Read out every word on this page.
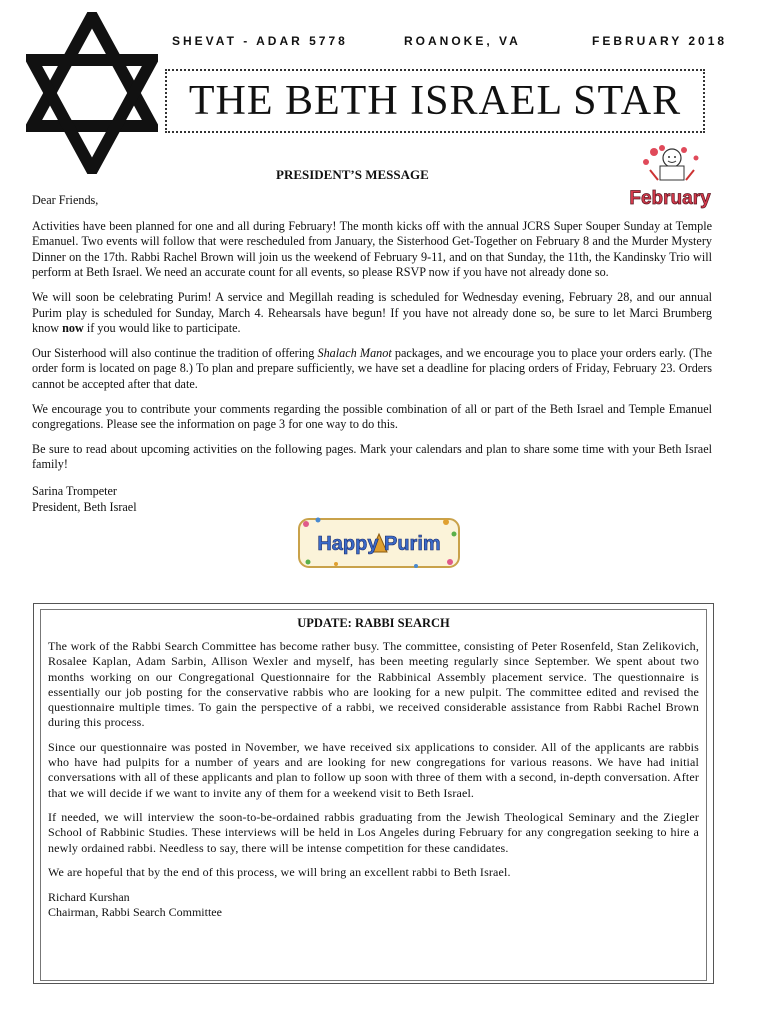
SHEVAT - ADAR 5778	ROANOKE, VA	FEBRUARY 2018
THE BETH ISRAEL STAR
PRESIDENT’S MESSAGE
February

Dear Friends,

Activities have been planned for one and all during February! The month kicks off with the annual JCRS Super Souper Sunday at Temple Emanuel. Two events will follow that were rescheduled from January, the Sisterhood Get-Together on February 8 and the Murder Mystery Dinner on the 17th. Rabbi Rachel Brown will join us the weekend of February 9-11, and on that Sunday, the 11th, the Kandinsky Trio will perform at Beth Israel. We need an accurate count for all events, so please RSVP now if you have not already done so.

We will soon be celebrating Purim! A service and Megillah reading is scheduled for Wednesday evening, February 28, and our annual Purim play is scheduled for Sunday, March 4. Rehearsals have begun! If you have not already done so, be sure to let Marci Brumberg know now if you would like to participate.

Our Sisterhood will also continue the tradition of offering Shalach Manot packages, and we encourage you to place your orders early. (The order form is located on page 8.) To plan and prepare sufficiently, we have set a deadline for placing orders of Friday, February 23. Orders cannot be accepted after that date.

We encourage you to contribute your comments regarding the possible combination of all or part of the Beth Israel and Temple Emanuel congregations. Please see the information on page 3 for one way to do this.

Be sure to read about upcoming activities on the following pages. Mark your calendars and plan to share some time with your Beth Israel family!

Sarina Trompeter
President, Beth Israel
Happy Purim
UPDATE: RABBI SEARCH

The work of the Rabbi Search Committee has become rather busy. The committee, consisting of Peter Rosenfeld, Stan Zelikovich, Rosalee Kaplan, Adam Sarbin, Allison Wexler and myself, has been meeting regularly since September. We spent about two months working on our Congregational Questionnaire for the Rabbinical Assembly placement service. The questionnaire is essentially our job posting for the conservative rabbis who are looking for a new pulpit. The committee edited and revised the questionnaire multiple times. To gain the perspective of a rabbi, we received considerable assistance from Rabbi Rachel Brown during this process.

Since our questionnaire was posted in November, we have received six applications to consider. All of the applicants are rabbis who have had pulpits for a number of years and are looking for new congregations for various reasons. We have had initial conversations with all of these applicants and plan to follow up soon with three of them with a second, in-depth conversation. After that we will decide if we want to invite any of them for a weekend visit to Beth Israel.

If needed, we will interview the soon-to-be-ordained rabbis graduating from the Jewish Theological Seminary and the Ziegler School of Rabbinic Studies. These interviews will be held in Los Angeles during February for any congregation seeking to hire a newly ordained rabbi. Needless to say, there will be intense competition for these candidates.

We are hopeful that by the end of this process, we will bring an excellent rabbi to Beth Israel.

Richard Kurshan
Chairman, Rabbi Search Committee
